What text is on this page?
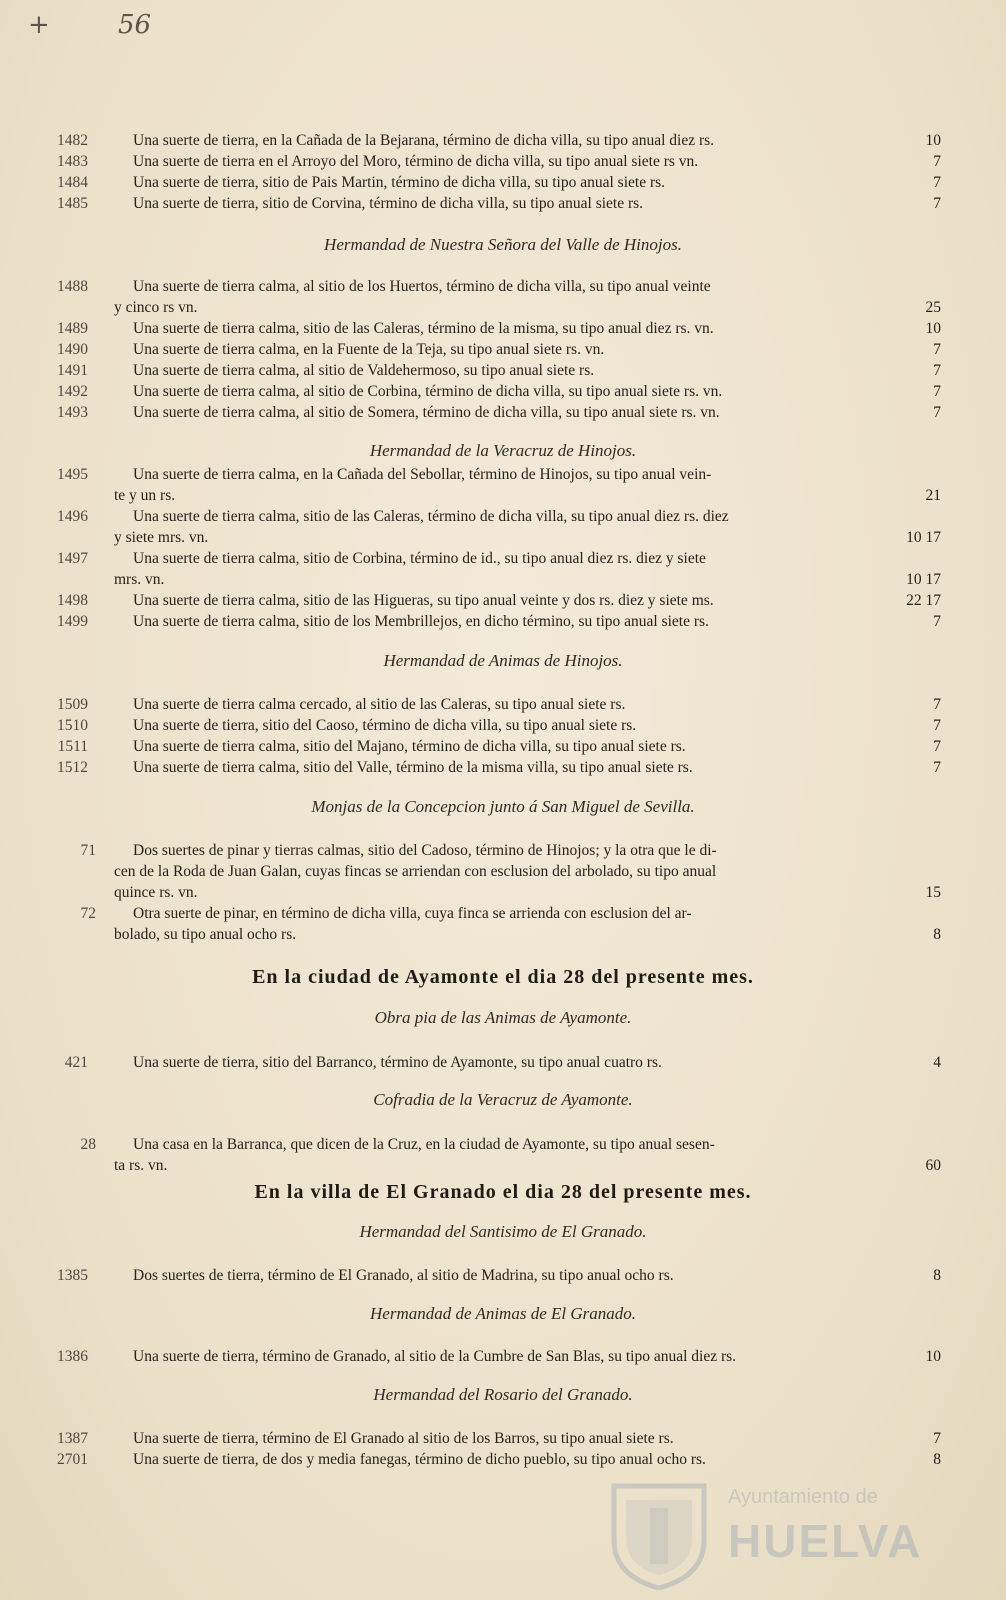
+	56
1482	Una suerte de tierra, en la Cañada de la Bejarana, término de dicha villa, su tipo anual diez rs.	10
1483	Una suerte de tierra en el Arroyo del Moro, término de dicha villa, su tipo anual siete rs vn.	7
1484	Una suerte de tierra, sitio de Pais Martin, término de dicha villa, su tipo anual siete rs.	7
1485	Una suerte de tierra, sitio de Corvina, término de dicha villa, su tipo anual siete rs.	7
Hermandad de Nuestra Señora del Valle de Hinojos.
1488	Una suerte de tierra calma, al sitio de los Huertos, término de dicha villa, su tipo anual veinte
y cinco rs vn.	25
1489	Una suerte de tierra calma, sitio de las Caleras, término de la misma, su tipo anual diez rs. vn.	10
1490	Una suerte de tierra calma, en la Fuente de la Teja, su tipo anual siete rs. vn.	7
1491	Una suerte de tierra calma, al sitio de Valdehermoso, su tipo anual siete rs.	7
1492	Una suerte de tierra calma, al sitio de Corbina, término de dicha villa, su tipo anual siete rs. vn.	7
1493	Una suerte de tierra calma, al sitio de Somera, término de dicha villa, su tipo anual siete rs. vn.	7
Hermandad de la Veracruz de Hinojos.
1495	Una suerte de tierra calma, en la Cañada del Sebollar, término de Hinojos, su tipo anual vein-
te y un rs.	21
1496	Una suerte de tierra calma, sitio de las Caleras, término de dicha villa, su tipo anual diez rs. diez
y siete mrs. vn.	10 17
1497	Una suerte de tierra calma, sitio de Corbina, término de id., su tipo anual diez rs. diez y siete
mrs. vn.	10 17
1498	Una suerte de tierra calma, sitio de las Higueras, su tipo anual veinte y dos rs. diez y siete ms.	22 17
1499	Una suerte de tierra calma, sitio de los Membrillejos, en dicho término, su tipo anual siete rs.	7
Hermandad de Animas de Hinojos.
1509	Una suerte de tierra calma cercado, al sitio de las Caleras, su tipo anual siete rs.	7
1510	Una suerte de tierra, sitio del Caoso, término de dicha villa, su tipo anual siete rs.	7
1511	Una suerte de tierra calma, sitio del Majano, término de dicha villa, su tipo anual siete rs.	7
1512	Una suerte de tierra calma, sitio del Valle, término de la misma villa, su tipo anual siete rs.	7
Monjas de la Concepcion junto á San Miguel de Sevilla.
71 Dos suertes de pinar y tierras calmas, sitio del Cadoso, término de Hinojos; y la otra que le di-
cen de la Roda de Juan Galan, cuyas fincas se arriendan con esclusion del arbolado, su tipo anual
quince rs. vn.	15
72 Otra suerte de pinar, en término de dicha villa, cuya finca se arrienda con esclusion del ar-
bolado, su tipo anual ocho rs.	8
En la ciudad de Ayamonte el dia 28 del presente mes.
Obra pia de las Animas de Ayamonte.
421	Una suerte de tierra, sitio del Barranco, término de Ayamonte, su tipo anual cuatro rs.	4
Cofradia de la Veracruz de Ayamonte.
28 Una casa en la Barranca, que dicen de la Cruz, en la ciudad de Ayamonte, su tipo anual sesen-
ta rs. vn.	60
En la villa de El Granado el dia 28 del presente mes.
Hermandad del Santisimo de El Granado.
1385	Dos suertes de tierra, término de El Granado, al sitio de Madrina, su tipo anual ocho rs.	8
Hermandad de Animas de El Granado.
1386	Una suerte de tierra, término de Granado, al sitio de la Cumbre de San Blas, su tipo anual diez rs.	10
Hermandad del Rosario del Granado.
1387	Una suerte de tierra, término de El Granado al sitio de los Barros, su tipo anual siete rs.	7
2701	Una suerte de tierra, de dos y media fanegas, término de dicho pueblo, su tipo anual ocho rs.	8
Ayuntamiento de
HUELVA
